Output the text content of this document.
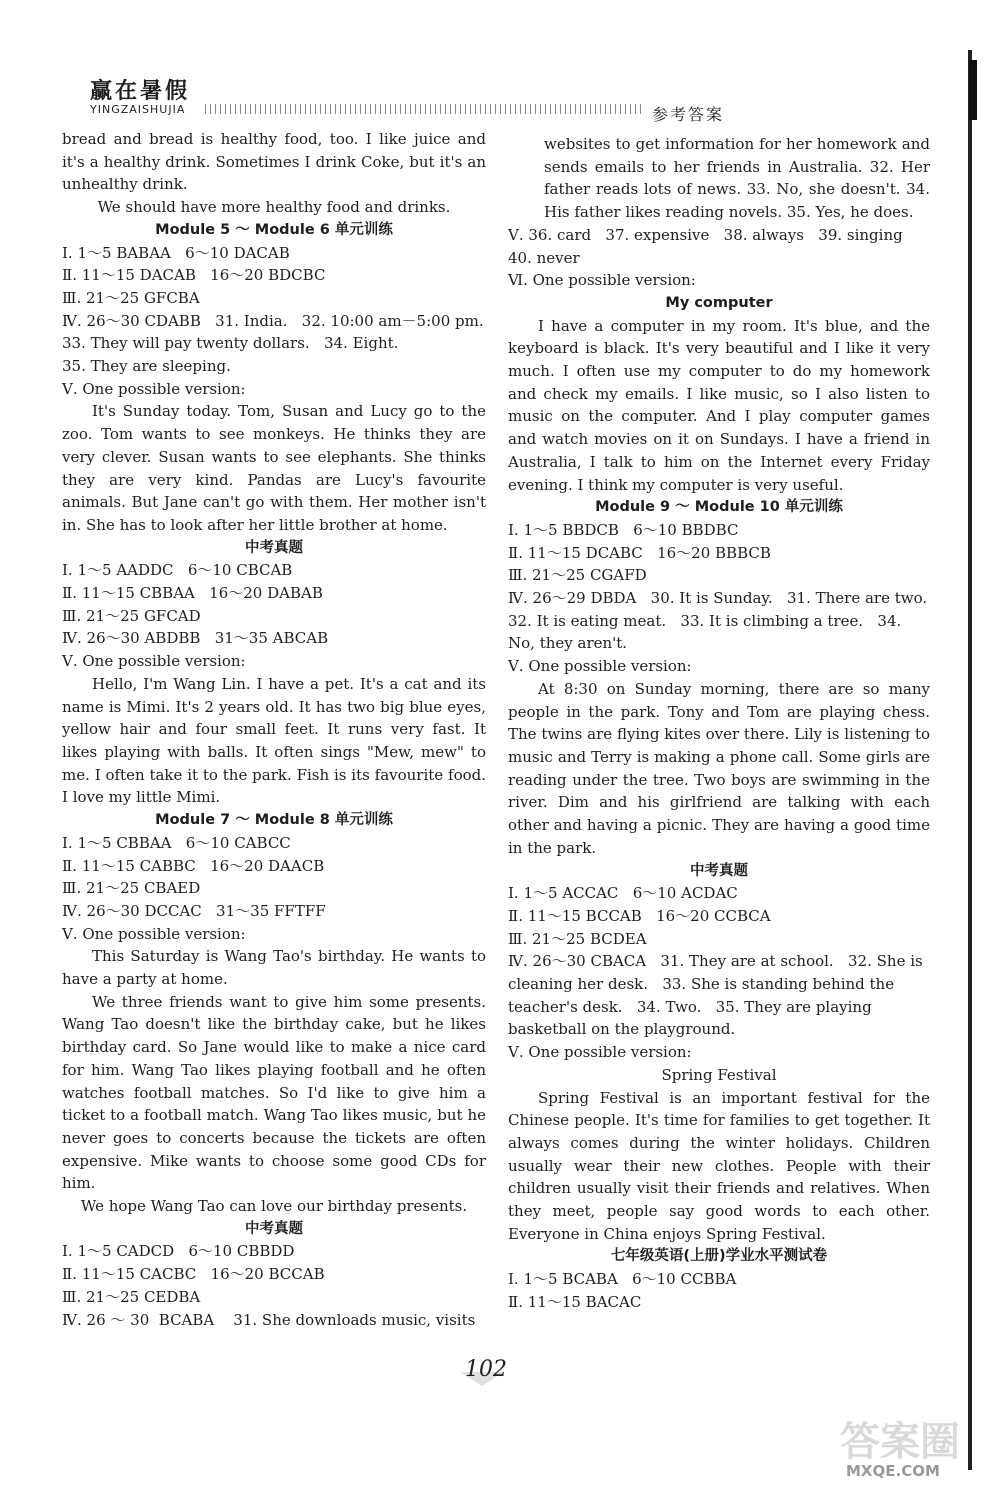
赢在暑假
YINGZAISHUJIA	参考答案

bread and bread is healthy food, too. I like juice and it's a healthy drink. Sometimes I drink Coke, but it's an unhealthy drink.

We should have more healthy food and drinks.

Module 5 ～ Module 6 单元训练

Ⅰ. 1～5 BABAA   6～10 DACAB
Ⅱ. 11～15 DACAB   16～20 BDCBC
Ⅲ. 21～25 GFCBA
Ⅳ. 26～30 CDABB   31. India.   32. 10:00 am－5:00 pm.   33. They will pay twenty dollars.   34. Eight.
35. They are sleeping.
Ⅴ. One possible version:

It's Sunday today. Tom, Susan and Lucy go to the zoo. Tom wants to see monkeys. He thinks they are very clever. Susan wants to see elephants. She thinks they are very kind. Pandas are Lucy's favourite animals. But Jane can't go with them. Her mother isn't in. She has to look after her little brother at home.

中考真题

Ⅰ. 1～5 AADDC   6～10 CBCAB
Ⅱ. 11～15 CBBAA   16～20 DABAB
Ⅲ. 21～25 GFCAD
Ⅳ. 26～30 ABDBB   31～35 ABCAB
Ⅴ. One possible version:

Hello, I'm Wang Lin. I have a pet. It's a cat and its name is Mimi. It's 2 years old. It has two big blue eyes, yellow hair and four small feet. It runs very fast. It likes playing with balls. It often sings "Mew, mew" to me. I often take it to the park. Fish is its favourite food. I love my little Mimi.

Module 7 ～ Module 8 单元训练

Ⅰ. 1～5 CBBAA   6～10 CABCC
Ⅱ. 11～15 CABBC   16～20 DAACB
Ⅲ. 21～25 CBAED
Ⅳ. 26～30 DCCAC   31～35 FFTFF
Ⅴ. One possible version:

This Saturday is Wang Tao's birthday. He wants to have a party at home.

We three friends want to give him some presents. Wang Tao doesn't like the birthday cake, but he likes birthday card. So Jane would like to make a nice card for him. Wang Tao likes playing football and he often watches football matches. So I'd like to give him a ticket to a football match. Wang Tao likes music, but he never goes to concerts because the tickets are often expensive. Mike wants to choose some good CDs for him.

We hope Wang Tao can love our birthday presents.

中考真题

Ⅰ. 1～5 CADCD   6～10 CBBDD
Ⅱ. 11～15 CACBC   16～20 BCCAB
Ⅲ. 21～25 CEDBA
Ⅳ. 26 ～ 30  BCABA    31. She downloads music, visits

websites to get information for her homework and sends emails to her friends in Australia. 32. Her father reads lots of news. 33. No, she doesn't. 34. His father likes reading novels. 35. Yes, he does.

Ⅴ. 36. card   37. expensive   38. always   39. singing   40. never
Ⅵ. One possible version:

My computer

I have a computer in my room. It's blue, and the keyboard is black. It's very beautiful and I like it very much. I often use my computer to do my homework and check my emails. I like music, so I also listen to music on the computer. And I play computer games and watch movies on it on Sundays. I have a friend in Australia, I talk to him on the Internet every Friday evening. I think my computer is very useful.

Module 9 ～ Module 10 单元训练

Ⅰ. 1～5 BBDCB   6～10 BBDBC
Ⅱ. 11～15 DCABC   16～20 BBBCB
Ⅲ. 21～25 CGAFD
Ⅳ. 26～29 DBDA   30. It is Sunday.   31. There are two.   32. It is eating meat.   33. It is climbing a tree.   34. No, they aren't.
Ⅴ. One possible version:

At 8:30 on Sunday morning, there are so many people in the park. Tony and Tom are playing chess. The twins are flying kites over there. Lily is listening to music and Terry is making a phone call. Some girls are reading under the tree. Two boys are swimming in the river. Dim and his girlfriend are talking with each other and having a picnic. They are having a good time in the park.

中考真题

Ⅰ. 1～5 ACCAC   6～10 ACDAC
Ⅱ. 11～15 BCCAB   16～20 CCBCA
Ⅲ. 21～25 BCDEA
Ⅳ. 26～30 CBACA   31. They are at school.   32. She is cleaning her desk.   33. She is standing behind the teacher's desk.   34. Two.   35. They are playing basketball on the playground.
Ⅴ. One possible version:

Spring Festival

Spring Festival is an important festival for the Chinese people. It's time for families to get together. It always comes during the winter holidays. Children usually wear their new clothes. People with their children usually visit their friends and relatives. When they meet, people say good words to each other. Everyone in China enjoys Spring Festival.

七年级英语(上册)学业水平测试卷

Ⅰ. 1～5 BCABA   6～10 CCBBA
Ⅱ. 11～15 BACAC

102
答案圈
MXQE.COM
